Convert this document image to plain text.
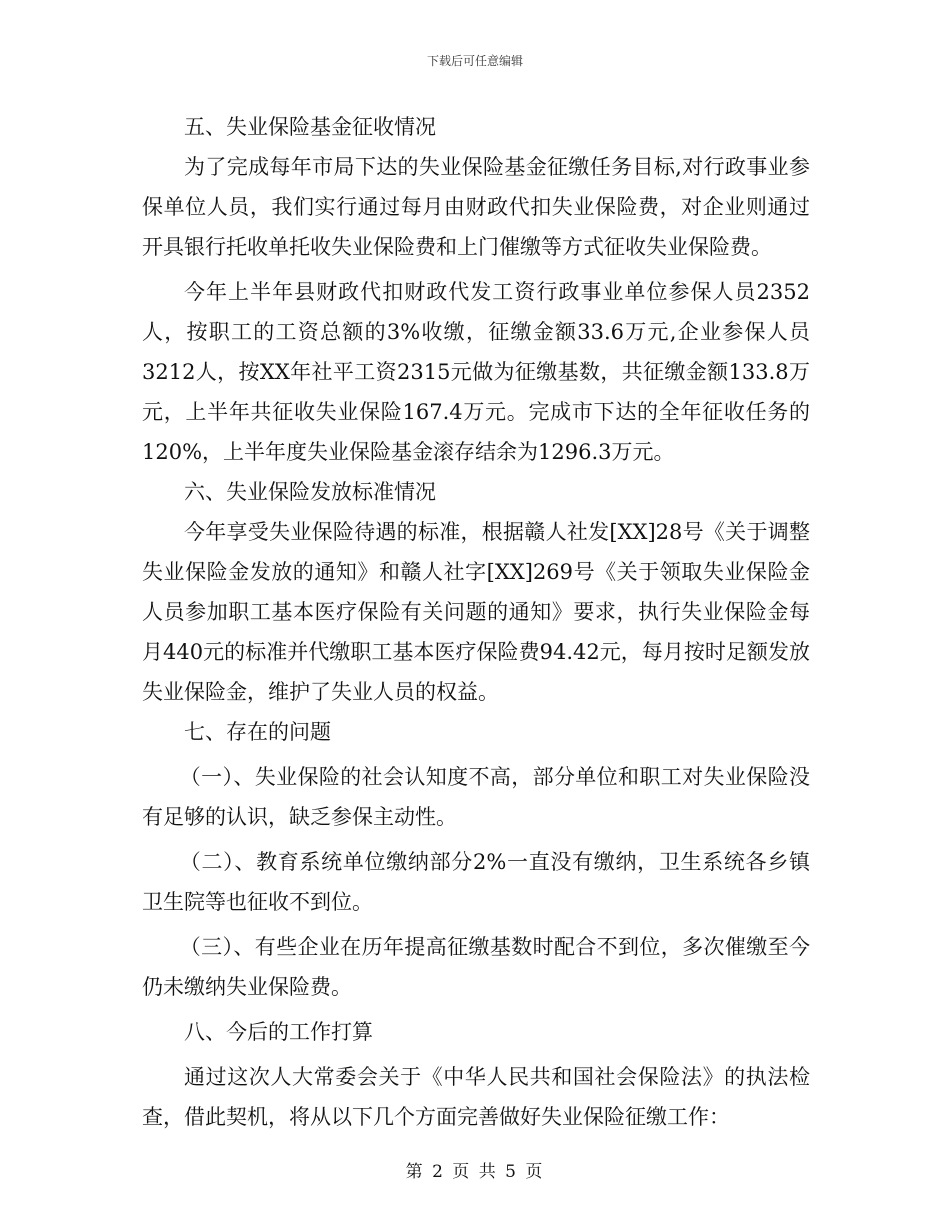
下载后可任意编辑

五、失业保险基金征收情况

为了完成每年市局下达的失业保险基金征缴任务目标,对行政事业参保单位人员，我们实行通过每月由财政代扣失业保险费，对企业则通过开具银行托收单托收失业保险费和上门催缴等方式征收失业保险费。

今年上半年县财政代扣财政代发工资行政事业单位参保人员2352人，按职工的工资总额的3%收缴，征缴金额33.6万元,企业参保人员3212人，按XX年社平工资2315元做为征缴基数，共征缴金额133.8万元，上半年共征收失业保险167.4万元。完成市下达的全年征收任务的120%，上半年度失业保险基金滚存结余为1296.3万元。

六、失业保险发放标准情况

今年享受失业保险待遇的标准，根据赣人社发[XX]28号《关于调整失业保险金发放的通知》和赣人社字[XX]269号《关于领取失业保险金人员参加职工基本医疗保险有关问题的通知》要求，执行失业保险金每月440元的标准并代缴职工基本医疗保险费94.42元，每月按时足额发放失业保险金，维护了失业人员的权益。

七、存在的问题

（一）、失业保险的社会认知度不高，部分单位和职工对失业保险没有足够的认识，缺乏参保主动性。

（二）、教育系统单位缴纳部分2%一直没有缴纳，卫生系统各乡镇卫生院等也征收不到位。

（三）、有些企业在历年提高征缴基数时配合不到位，多次催缴至今仍未缴纳失业保险费。

八、今后的工作打算

通过这次人大常委会关于《中华人民共和国社会保险法》的执法检查，借此契机，将从以下几个方面完善做好失业保险征缴工作：

第 2 页 共 5 页
